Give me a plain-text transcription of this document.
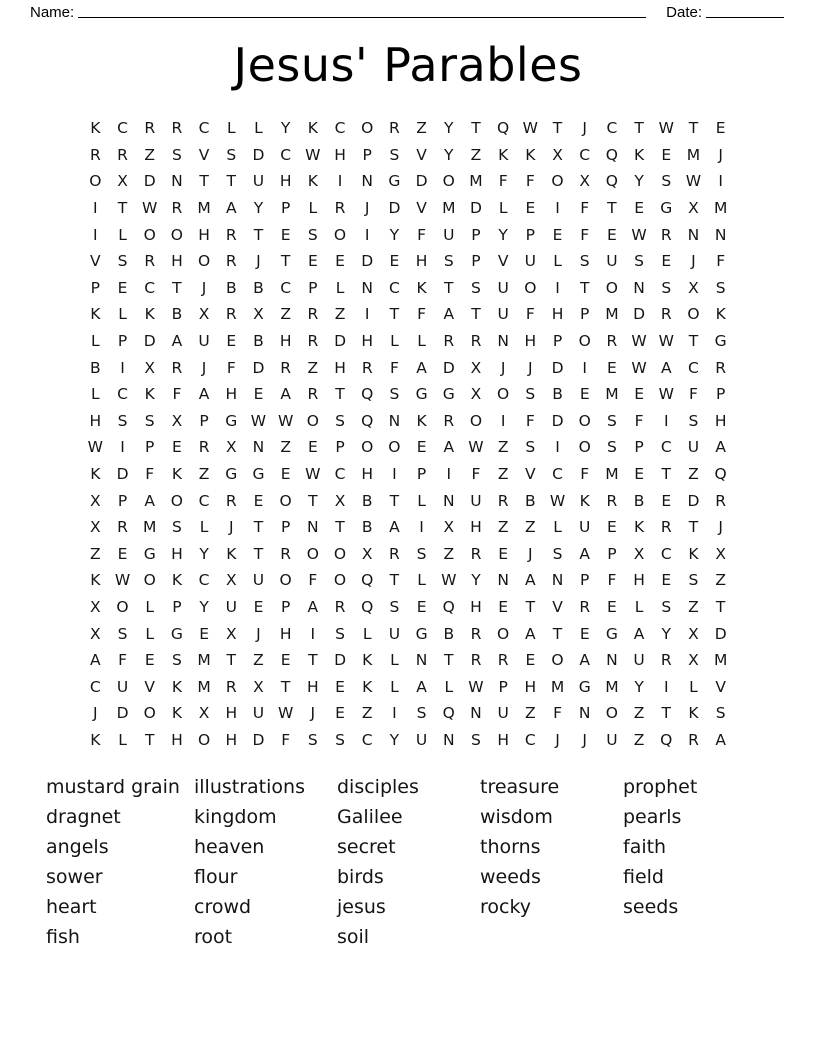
Name:	Date:
Jesus' Parables
K	C	R	R	C	L	L	Y	K	C	O	R	Z	Y	T	Q W T	J	C	T W T	E
R	R	Z	S	V	S	D	C W H	P	S	V	Y	Z	K	K	X	C	Q	K	E	M	J
O	X	D N	T	T	U	H	K	I	N G D O M	F	F	O	X	Q	Y	S W	I
I	T W R M A	Y	P	L	R	J	D	V M D	L	E	I	F	T	E	G	X M
I	L	O O H	R	T	E	S	O	I	Y	F	U	P	Y	P	E	F	E W R	N	N
V	S	R	H O	R	J	T	E	E	D	E	H	S	P	V	U	L	S	U	S	E	J	F
P	E	C	T	J	B	B	C	P	L	N	C	K	T	S	U O	I	T	O N	S	X	S
K	L	K	B	X	R	X	Z	R	Z	I	T	F	A	T	U	F	H	P	M D	R	O	K
L	P	D	A	U	E	B	H	R	D H	L	L	R	R	N	H	P	O	R W W T	G
B	I	X	R	J	F	D	R	Z	H	R	F	A	D	X	J	J	D	I	E W A	C	R
L	C	K	F	A	H	E	A	R	T	Q	S	G G	X	O	S	B	E	M	E W F	P
H	S	S	X	P	G W W O	S	Q N	K	R	O	I	F	D O	S	F	I	S	H
W	I	P	E	R	X	N	Z	E	P	O O	E	A W Z	S	I	O	S	P	C	U	A
K	D	F	K	Z	G G	E W C	H	I	P	I	F	Z	V	C	F	M	E	T	Z	Q
X	P	A	O	C	R	E	O	T	X	B	T	L	N	U	R	B W K	R	B	E	D	R
X	R M	S	L	J	T	P	N	T	B	A	I	X	H	Z	Z	L	U	E	K	R	T	J
Z	E	G H	Y	K	T	R	O O	X	R	S	Z	R	E	J	S	A	P	X	C	K	X
K W O	K	C	X	U O	F	O Q	T	L W Y	N	A	N	P	F	H	E	S	Z
X	O	L	P	Y	U	E	P	A	R	Q	S	E	Q H	E	T	V	R	E	L	S	Z	T
X	S	L	G	E	X	J	H	I	S	L	U	G	B	R	O	A	T	E	G	A	Y	X	D
A	F	E	S	M	T	Z	E	T	D	K	L	N	T	R	R	E	O	A	N	U	R	X M
C	U	V	K M R	X	T	H	E	K	L	A	L W P	H M G M	Y	I	L	V
J	D O	K	X	H	U W	J	E	Z	I	S	Q N	U	Z	F	N O	Z	T	K	S
K	L	T	H O H D	F	S	S	C	Y	U	N	S	H	C	J	J	U	Z	Q	R	A
mustard grain
dragnet
angels
sower
heart
fish
illustrations
kingdom
heaven
flour
crowd
root
disciples
Galilee
secret
birds
jesus
soil
treasure
wisdom
thorns
weeds
rocky
prophet
pearls
faith
field
seeds
